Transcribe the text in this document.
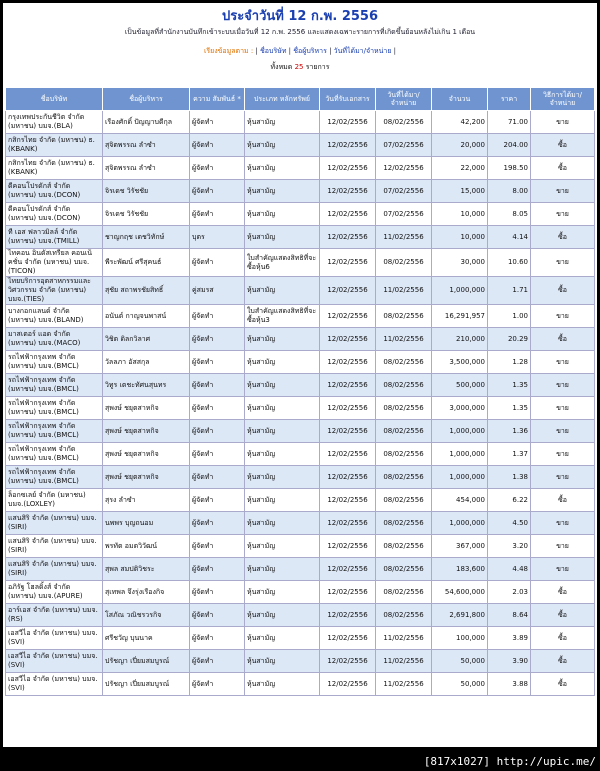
ประจำวันที่ 12 ก.พ. 2556
เป็นข้อมูลที่สำนักงานบันทึกเข้าระบบเมื่อวันที่ 12 ก.พ. 2556 และแสดงเฉพาะรายการที่เกิดขึ้นย้อนหลังไม่เกิน 1 เดือน
เรียงข้อมูลตาม : | ชื่อบริษัท | ชื่อผู้บริหาร | วันที่ได้มา/จำหน่าย |
ทั้งหมด 25 รายการ
ชื่อบริษัท	ชื่อผู้บริหาร	ความ สัมพันธ์ *	ประเภท หลักทรัพย์	วันที่รับเอกสาร	วันที่ได้มา/ จำหน่าย	จำนวน	ราคา	วิธีการได้มา/ จำหน่าย
กรุงเทพประกันชีวิต จำกัด (มหาชน) บมจ.(BLA)	เรืองศักดิ์ ปัญญาบดีกุล	ผู้จัดทำ	หุ้นสามัญ	12/02/2556	08/02/2556	42,200	71.00	ขาย
กสิกรไทย จำกัด (มหาชน) ธ.(KBANK)	สุจิตพรรณ ลำซำ	ผู้จัดทำ	หุ้นสามัญ	12/02/2556	07/02/2556	20,000	204.00	ซื้อ
กสิกรไทย จำกัด (มหาชน) ธ.(KBANK)	สุจิตพรรณ ลำซำ	ผู้จัดทำ	หุ้นสามัญ	12/02/2556	12/02/2556	22,000	198.50	ซื้อ
ดีคอนโปรดักส์ จำกัด (มหาชน) บมจ.(DCON)	จิรเดช วิรัชชัย	ผู้จัดทำ	หุ้นสามัญ	12/02/2556	07/02/2556	15,000	8.00	ขาย
ดีคอนโปรดักส์ จำกัด (มหาชน) บมจ.(DCON)	จิรเดช วิรัชชัย	ผู้จัดทำ	หุ้นสามัญ	12/02/2556	07/02/2556	10,000	8.05	ขาย
ที เอส ฟลาวมิลล์ จำกัด (มหาชน) บมจ.(TMILL)	ชาญกฤช เดชวิทักษ์	บุตร	หุ้นสามัญ	12/02/2556	11/02/2556	10,000	4.14	ซื้อ
ไทคอน อินดัสเทรียล คอนเน็คชั่น จำกัด (มหาชน) บมจ.(TICON)	พีระพัฒน์ ศรีสุคนธ์	ผู้จัดทำ	ใบสำคัญแสดงสิทธิที่จะซื้อหุ้น6	12/02/2556	08/02/2556	30,000	10.60	ขาย
ไทยบริการอุตสาหกรรมและวิศวกรรม จำกัด (มหาชน) บมจ.(TIES)	สุชัย สถาพรชัยสิทธิ์	คู่สมรส	หุ้นสามัญ	12/02/2556	11/02/2556	1,000,000	1.71	ซื้อ
บางกอกแลนด์ จำกัด (มหาชน) บมจ.(BLAND)	อนันต์ กาญจนพาสน์	ผู้จัดทำ	ใบสำคัญแสดงสิทธิที่จะซื้อหุ้น3	12/02/2556	08/02/2556	16,291,957	1.00	ขาย
มาสเตอร์ แอด จำกัด (มหาชน) บมจ.(MACO)	วิชิต ดิลกวิลาศ	ผู้จัดทำ	หุ้นสามัญ	12/02/2556	11/02/2556	210,000	20.29	ซื้อ
รถไฟฟ้ากรุงเทพ จำกัด (มหาชน) บมจ.(BMCL)	วัลลภา อัสสกุล	ผู้จัดทำ	หุ้นสามัญ	12/02/2556	08/02/2556	3,500,000	1.28	ขาย
รถไฟฟ้ากรุงเทพ จำกัด (มหาชน) บมจ.(BMCL)	วิทูร เตชะทัศนสุนทร	ผู้จัดทำ	หุ้นสามัญ	12/02/2556	08/02/2556	500,000	1.35	ขาย
รถไฟฟ้ากรุงเทพ จำกัด (มหาชน) บมจ.(BMCL)	สุพงษ์ ชยุตสาหกิจ	ผู้จัดทำ	หุ้นสามัญ	12/02/2556	08/02/2556	3,000,000	1.35	ขาย
รถไฟฟ้ากรุงเทพ จำกัด (มหาชน) บมจ.(BMCL)	สุพงษ์ ชยุตสาหกิจ	ผู้จัดทำ	หุ้นสามัญ	12/02/2556	08/02/2556	1,000,000	1.36	ขาย
รถไฟฟ้ากรุงเทพ จำกัด (มหาชน) บมจ.(BMCL)	สุพงษ์ ชยุตสาหกิจ	ผู้จัดทำ	หุ้นสามัญ	12/02/2556	08/02/2556	1,000,000	1.37	ขาย
รถไฟฟ้ากรุงเทพ จำกัด (มหาชน) บมจ.(BMCL)	สุพงษ์ ชยุตสาหกิจ	ผู้จัดทำ	หุ้นสามัญ	12/02/2556	08/02/2556	1,000,000	1.38	ขาย
ล็อกซเลย์ จำกัด (มหาชน) บมจ.(LOXLEY)	สุรง ลำซำ	ผู้จัดทำ	หุ้นสามัญ	12/02/2556	08/02/2556	454,000	6.22	ซื้อ
แสนสิริ จำกัด (มหาชน) บมจ.(SIRI)	นพพร บุญถนอม	ผู้จัดทำ	หุ้นสามัญ	12/02/2556	08/02/2556	1,000,000	4.50	ขาย
แสนสิริ จำกัด (มหาชน) บมจ.(SIRI)	พรทัต อมตวิวัฒน์	ผู้จัดทำ	หุ้นสามัญ	12/02/2556	08/02/2556	367,000	3.20	ขาย
แสนสิริ จำกัด (มหาชน) บมจ.(SIRI)	สุพล สมปติวิชระ	ผู้จัดทำ	หุ้นสามัญ	12/02/2556	08/02/2556	183,600	4.48	ขาย
อภิรัฐ โฮลดิ้งส์ จำกัด (มหาชน) บมจ.(APURE)	สุเทพล จึงรุ่งเรืองกิจ	ผู้จัดทำ	หุ้นสามัญ	12/02/2556	08/02/2556	54,600,000	2.03	ซื้อ
อาร์เอส จำกัด (มหาชน) บมจ.(RS)	โสภัณ วณิชรวรกิจ	ผู้จัดทำ	หุ้นสามัญ	12/02/2556	08/02/2556	2,691,800	8.64	ซื้อ
เอสวีไอ จำกัด (มหาชน) บมจ.(SVI)	ศรีชวัญ บุนนาค	ผู้จัดทำ	หุ้นสามัญ	12/02/2556	11/02/2556	100,000	3.89	ซื้อ
เอสวีไอ จำกัด (มหาชน) บมจ.(SVI)	ปรัชญา เปี่ยมสมบูรณ์	ผู้จัดทำ	หุ้นสามัญ	12/02/2556	11/02/2556	50,000	3.90	ซื้อ
เอสวีไอ จำกัด (มหาชน) บมจ.(SVI)	ปรัชญา เปี่ยมสมบูรณ์	ผู้จัดทำ	หุ้นสามัญ	12/02/2556	11/02/2556	50,000	3.88	ซื้อ
[817x1027] http://upic.me/
